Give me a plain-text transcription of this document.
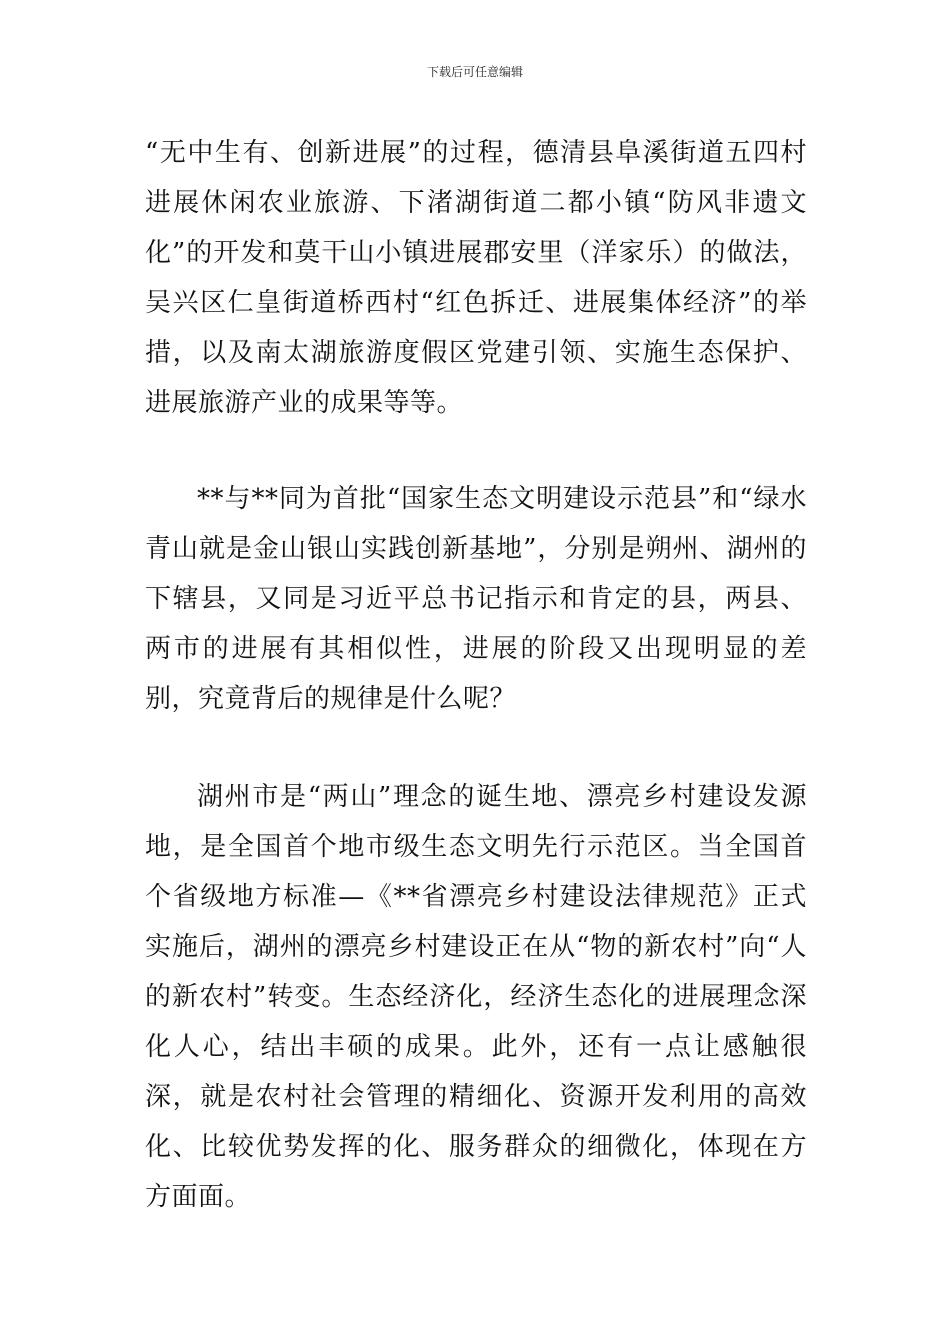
下载后可任意编辑

“无中生有、创新进展”的过程，德清县阜溪街道五四村进展休闲农业旅游、下渚湖街道二都小镇“防风非遗文化”的开发和莫干山小镇进展郡安里（洋家乐）的做法，吴兴区仁皇街道桥西村“红色拆迁、进展集体经济”的举措，以及南太湖旅游度假区党建引领、实施生态保护、进展旅游产业的成果等等。

**与**同为首批“国家生态文明建设示范县”和“绿水青山就是金山银山实践创新基地”，分别是朔州、湖州的下辖县，又同是习近平总书记指示和肯定的县，两县、两市的进展有其相似性，进展的阶段又出现明显的差别，究竟背后的规律是什么呢？

湖州市是“两山”理念的诞生地、漂亮乡村建设发源地，是全国首个地市级生态文明先行示范区。当全国首个省级地方标准—《**省漂亮乡村建设法律规范》正式实施后，湖州的漂亮乡村建设正在从“物的新农村”向“人的新农村”转变。生态经济化，经济生态化的进展理念深化人心，结出丰硕的成果。此外，还有一点让感触很深，就是农村社会管理的精细化、资源开发利用的高效化、比较优势发挥的化、服务群众的细微化，体现在方方面面。
